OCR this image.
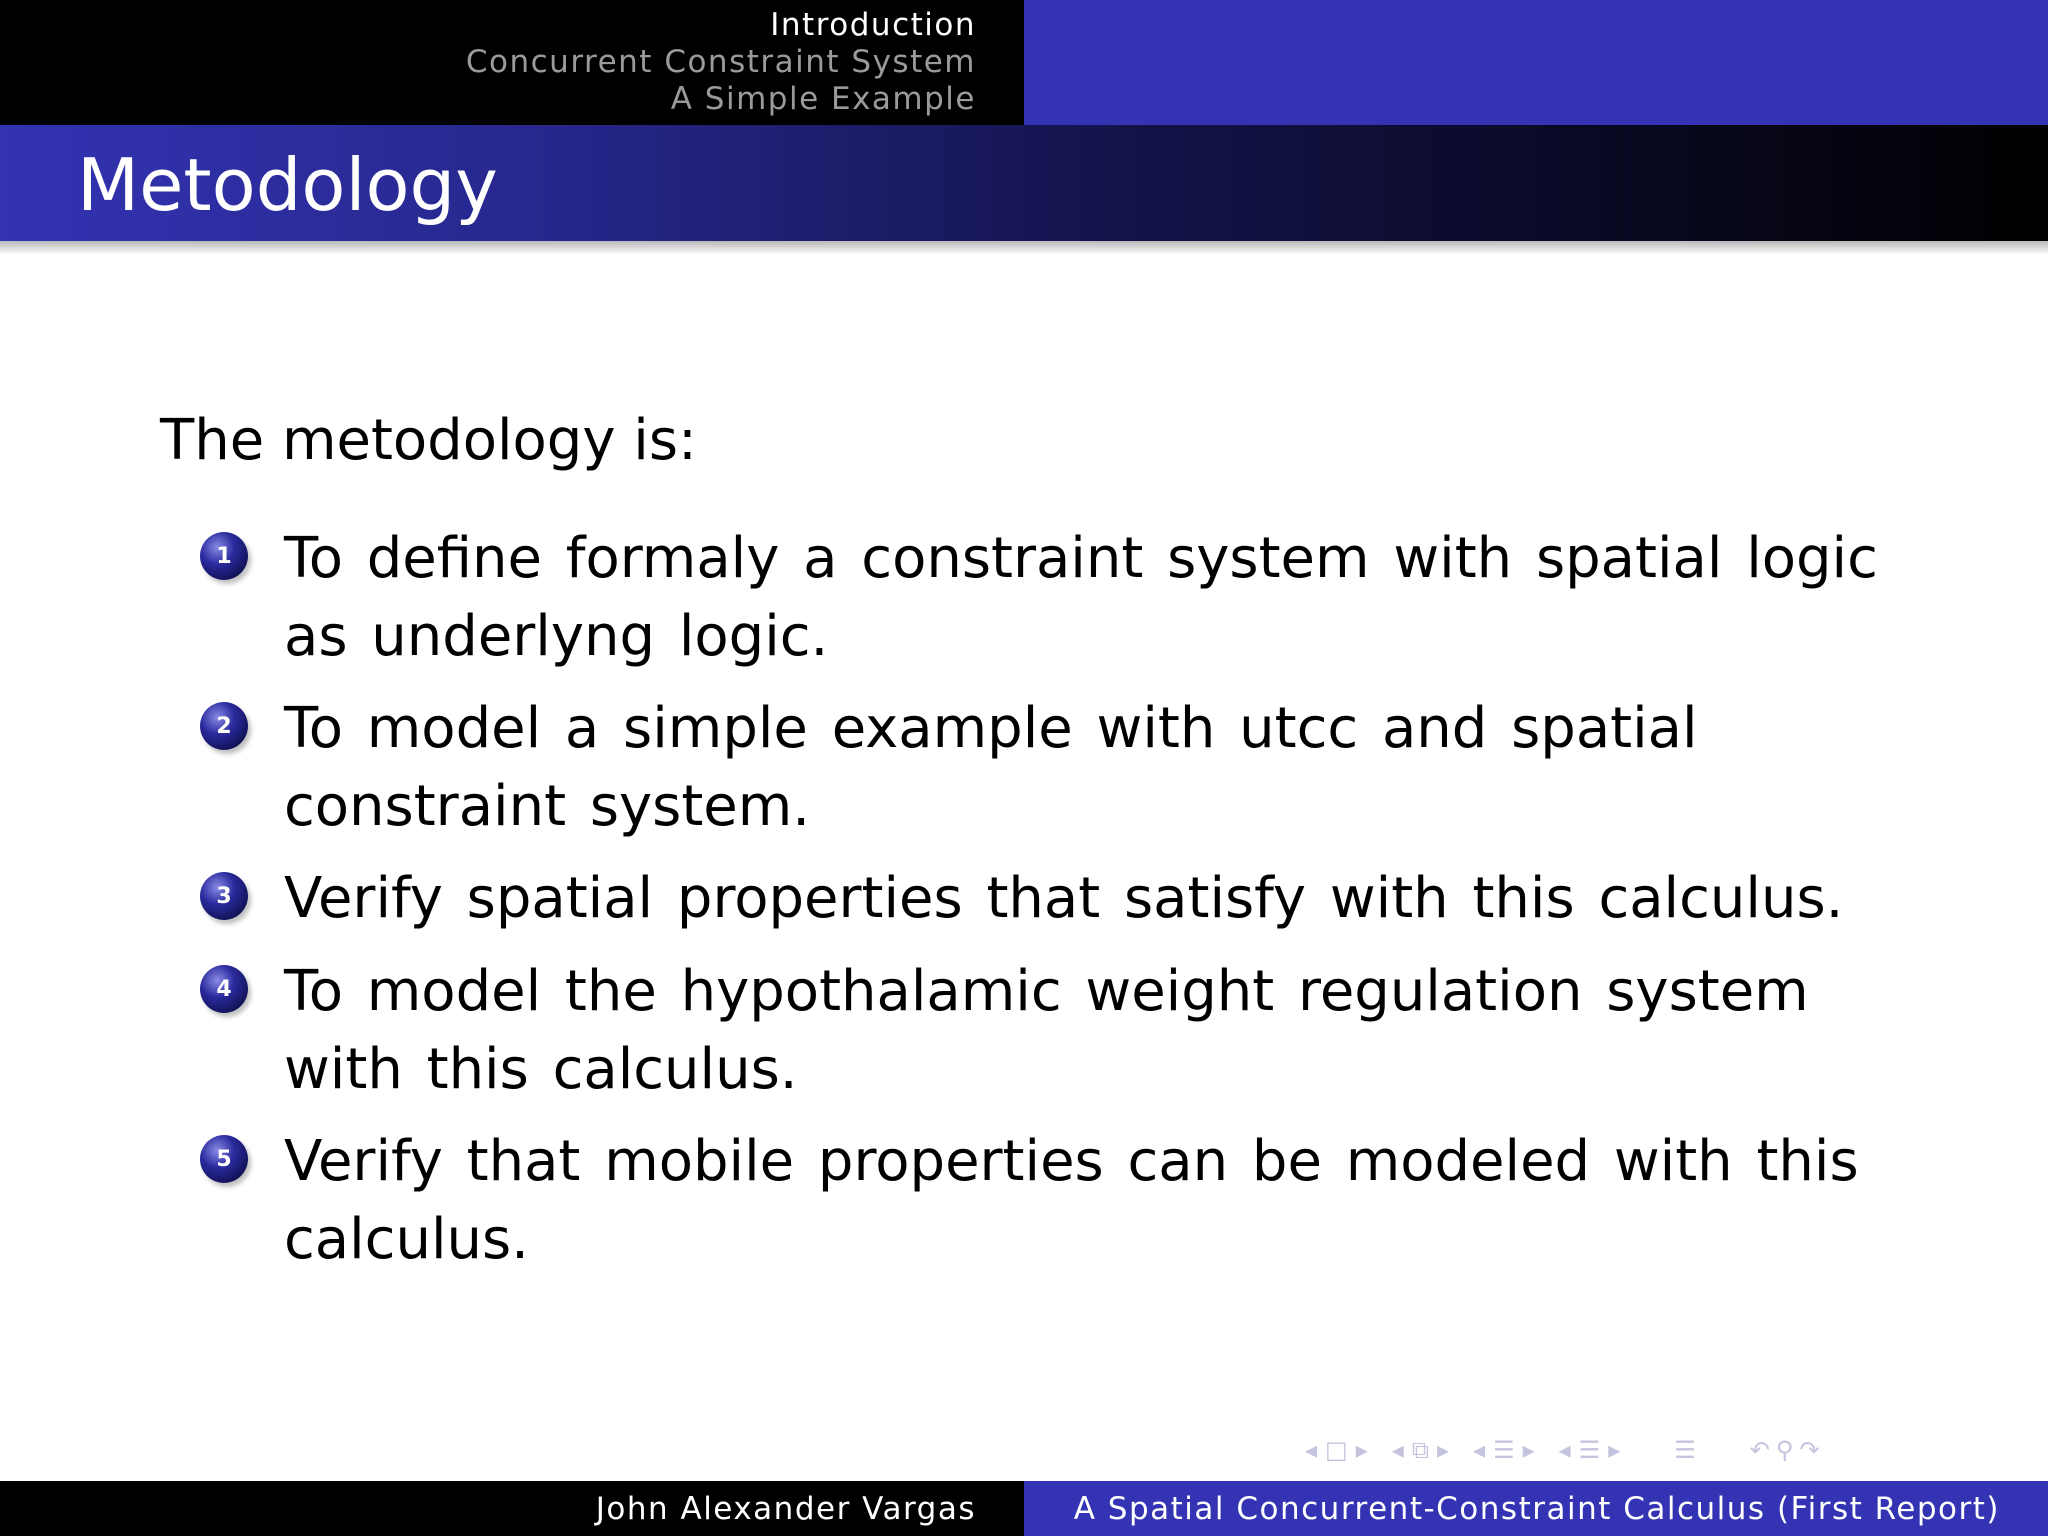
Introduction
Concurrent Constraint System
A Simple Example
Metodology
The metodology is:
1 To define formaly a constraint system with spatial logic as underlyng logic.
2 To model a simple example with utcc and spatial constraint system.
3 Verify spatial properties that satisfy with this calculus.
4 To model the hypothalamic weight regulation system with this calculus.
5 Verify that mobile properties can be modeled with this calculus.
◂ □ ▸ ◂ ⧉ ▸ ◂ ☰ ▸ ◂ ☰ ▸ ☰ ↶ ⚲ ↷
John Alexander Vargas	A Spatial Concurrent-Constraint Calculus (First Report)
